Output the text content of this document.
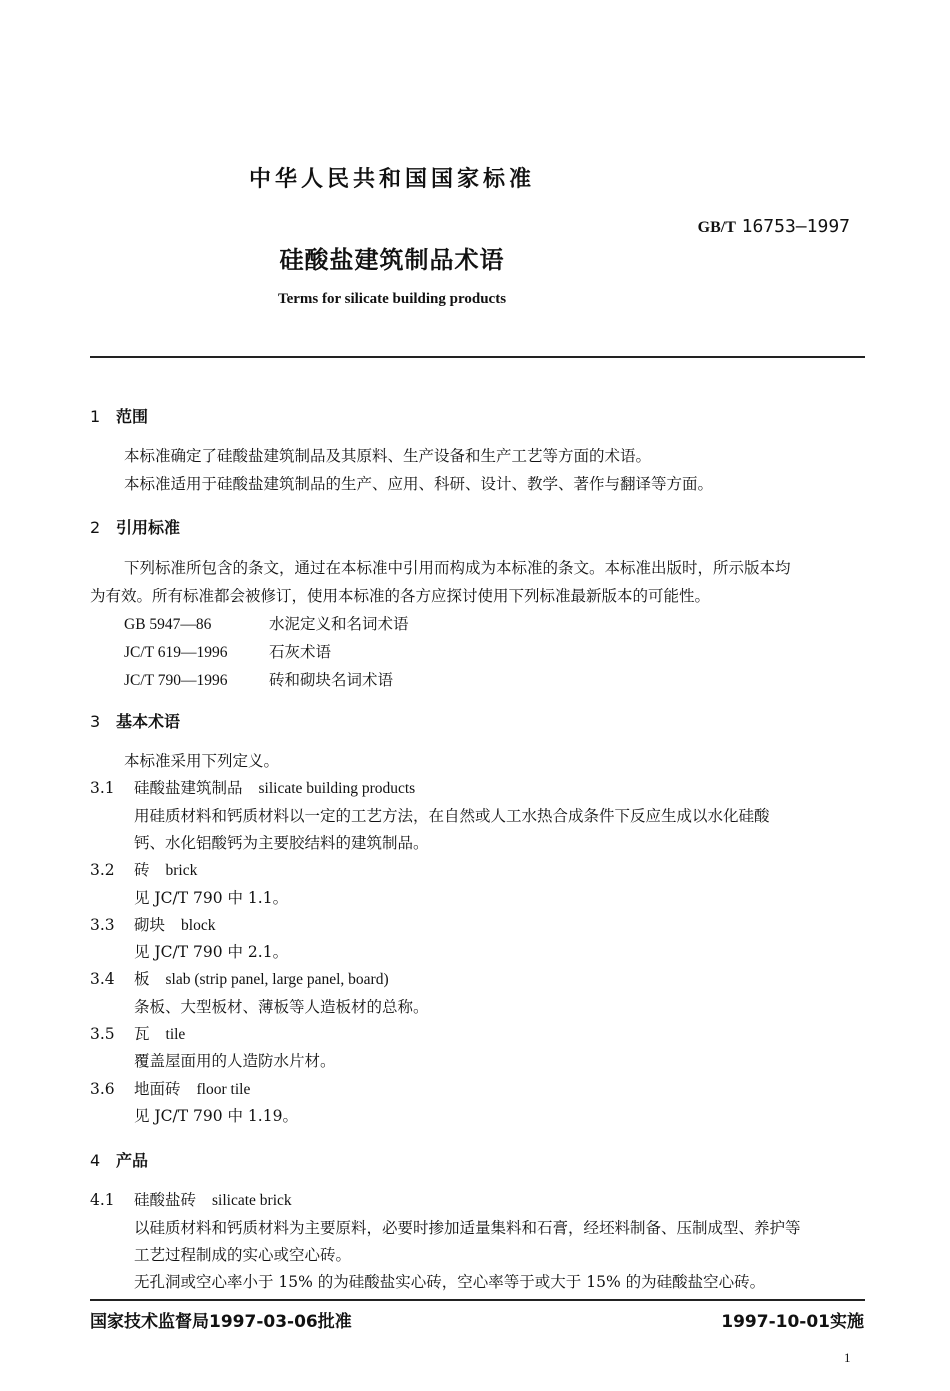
中华人民共和国国家标准
GB/T 16753—1997
硅酸盐建筑制品术语
Terms for silicate building products
1 范围
本标准确定了硅酸盐建筑制品及其原料、生产设备和生产工艺等方面的术语。
本标准适用于硅酸盐建筑制品的生产、应用、科研、设计、教学、著作与翻译等方面。
2 引用标准
下列标准所包含的条文，通过在本标准中引用而构成为本标准的条文。本标准出版时，所示版本均
为有效。所有标准都会被修订，使用本标准的各方应探讨使用下列标准最新版本的可能性。
GB 5947—86	水泥定义和名词术语
JC/T 619—1996	石灰术语
JC/T 790—1996	砖和砌块名词术语
3 基本术语
本标准采用下列定义。
3.1 硅酸盐建筑制品 silicate building products
用硅质材料和钙质材料以一定的工艺方法，在自然或人工水热合成条件下反应生成以水化硅酸
钙、水化铝酸钙为主要胶结料的建筑制品。
3.2 砖 brick
见 JC/T 790 中 1.1。
3.3 砌块 block
见 JC/T 790 中 2.1。
3.4 板 slab (strip panel, large panel, board)
条板、大型板材、薄板等人造板材的总称。
3.5 瓦 tile
覆盖屋面用的人造防水片材。
3.6 地面砖 floor tile
见 JC/T 790 中 1.19。
4 产品
4.1 硅酸盐砖 silicate brick
以硅质材料和钙质材料为主要原料，必要时掺加适量集料和石膏，经坯料制备、压制成型、养护等
工艺过程制成的实心或空心砖。
无孔洞或空心率小于 15% 的为硅酸盐实心砖，空心率等于或大于 15% 的为硅酸盐空心砖。
国家技术监督局1997-03-06批准	1997-10-01实施
1
